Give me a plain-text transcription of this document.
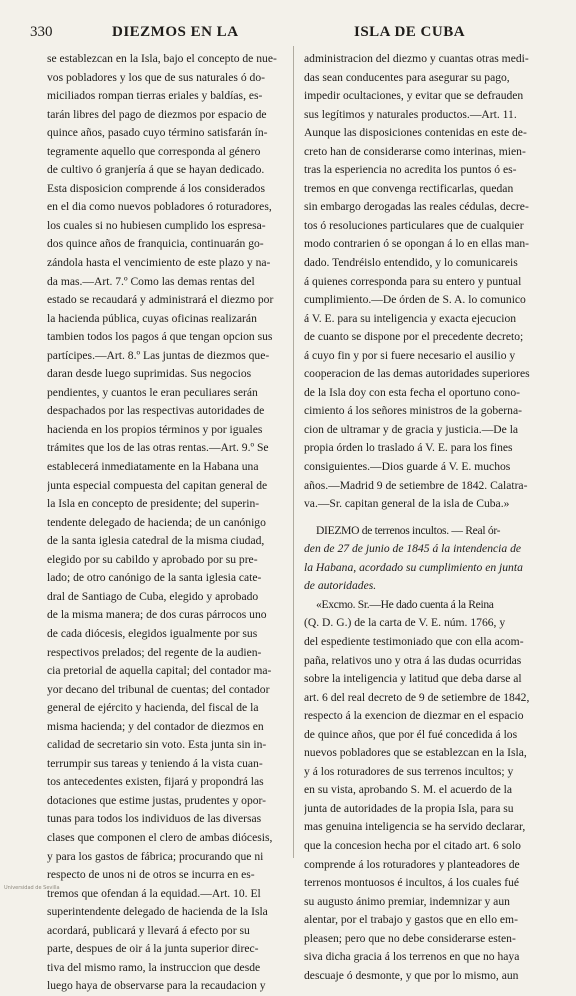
330	DIEZMOS EN LA	ISLA DE CUBA
se establezcan en la Isla, bajo el concepto de nue-
vos pobladores y los que de sus naturales ó do-
miciliados rompan tierras eriales y baldías, es-
tarán libres del pago de diezmos por espacio de
quince años, pasado cuyo término satisfarán ín-
tegramente aquello que corresponda al género
de cultivo ó granjería á que se hayan dedicado.
Esta disposicion comprende á los considerados
en el dia como nuevos pobladores ó roturadores,
los cuales si no hubiesen cumplido los espresa-
dos quince años de franquicia, continuarán go-
zándola hasta el vencimiento de este plazo y na-
da mas.—Art. 7.º Como las demas rentas del
estado se recaudará y administrará el diezmo por
la hacienda pública, cuyas oficinas realizarán
tambien todos los pagos á que tengan opcion sus
partícipes.—Art. 8.º Las juntas de diezmos que-
daran desde luego suprimidas. Sus negocios
pendientes, y cuantos le eran peculiares serán
despachados por las respectivas autoridades de
hacienda en los propios términos y por iguales
trámites que los de las otras rentas.—Art. 9.º Se
establecerá inmediatamente en la Habana una
junta especial compuesta del capitan general de
la Isla en concepto de presidente; del superin-
tendente delegado de hacienda; de un canónigo
de la santa iglesia catedral de la misma ciudad,
elegido por su cabildo y aprobado por su pre-
lado; de otro canónigo de la santa iglesia cate-
dral de Santiago de Cuba, elegido y aprobado
de la misma manera; de dos curas párrocos uno
de cada diócesis, elegidos igualmente por sus
respectivos prelados; del regente de la audien-
cia pretorial de aquella capital; del contador ma-
yor decano del tribunal de cuentas; del contador
general de ejército y hacienda, del fiscal de la
misma hacienda; y del contador de diezmos en
calidad de secretario sin voto. Esta junta sin in-
terrumpir sus tareas y teniendo á la vista cuan-
tos antecedentes existen, fijará y propondrá las
dotaciones que estime justas, prudentes y opor-
tunas para todos los individuos de las diversas
clases que componen el clero de ambas diócesis,
y para los gastos de fábrica; procurando que ni
respecto de unos ni de otros se incurra en es-
tremos que ofendan á la equidad.—Art. 10. El
superintendente delegado de hacienda de la Isla
acordará, publicará y llevará á efecto por su
parte, despues de oir á la junta superior direc-
tiva del mismo ramo, la instruccion que desde
luego haya de observarse para la recaudacion y
administracion del diezmo y cuantas otras medi-
das sean conducentes para asegurar su pago,
impedir ocultaciones, y evitar que se defrauden
sus legítimos y naturales productos.—Art. 11.
Aunque las disposiciones contenidas en este de-
creto han de considerarse como interinas, mien-
tras la esperiencia no acredita los puntos ó es-
tremos en que convenga rectificarlas, quedan
sin embargo derogadas las reales cédulas, decre-
tos ó resoluciones particulares que de cualquier
modo contrarien ó se opongan á lo en ellas man-
dado. Tendréislo entendido, y lo comunicareis
á quienes corresponda para su entero y puntual
cumplimiento.—De órden de S. A. lo comunico
á V. E. para su inteligencia y exacta ejecucion
de cuanto se dispone por el precedente decreto;
á cuyo fin y por si fuere necesario el ausilio y
cooperacion de las demas autoridades superiores
de la Isla doy con esta fecha el oportuno cono-
cimiento á los señores ministros de la goberna-
cion de ultramar y de gracia y justicia.—De la
propia órden lo traslado á V. E. para los fines
consiguientes.—Dios guarde á V. E. muchos
años.—Madrid 9 de setiembre de 1842. Calatra-
va.—Sr. capitan general de la isla de Cuba.»
DIEZMO de terrenos incultos. — Real ór-
den de 27 de junio de 1845 á la intendencia de
la Habana, acordado su cumplimiento en junta
de autoridades.
«Excmo. Sr.—He dado cuenta á la Reina
(Q. D. G.) de la carta de V. E. núm. 1766, y
del espediente testimoniado que con ella acom-
paña, relativos uno y otra á las dudas ocurridas
sobre la inteligencia y latitud que deba darse al
art. 6 del real decreto de 9 de setiembre de 1842,
respecto á la exencion de diezmar en el espacio
de quince años, que por él fué concedida á los
nuevos pobladores que se establezcan en la Isla,
y á los roturadores de sus terrenos incultos; y
en su vista, aprobando S. M. el acuerdo de la
junta de autoridades de la propia Isla, para su
mas genuina inteligencia se ha servido declarar,
que la concesion hecha por el citado art. 6 solo
comprende á los roturadores y planteadores de
terrenos montuosos é incultos, á los cuales fué
su augusto ánimo premiar, indemnizar y aun
alentar, por el trabajo y gastos que en ello em-
pleasen; pero que no debe considerarse esten-
siva dicha gracia á los terrenos en que no haya
descuaje ó desmonte, y que por lo mismo, aun
Universidad de Sevilla
